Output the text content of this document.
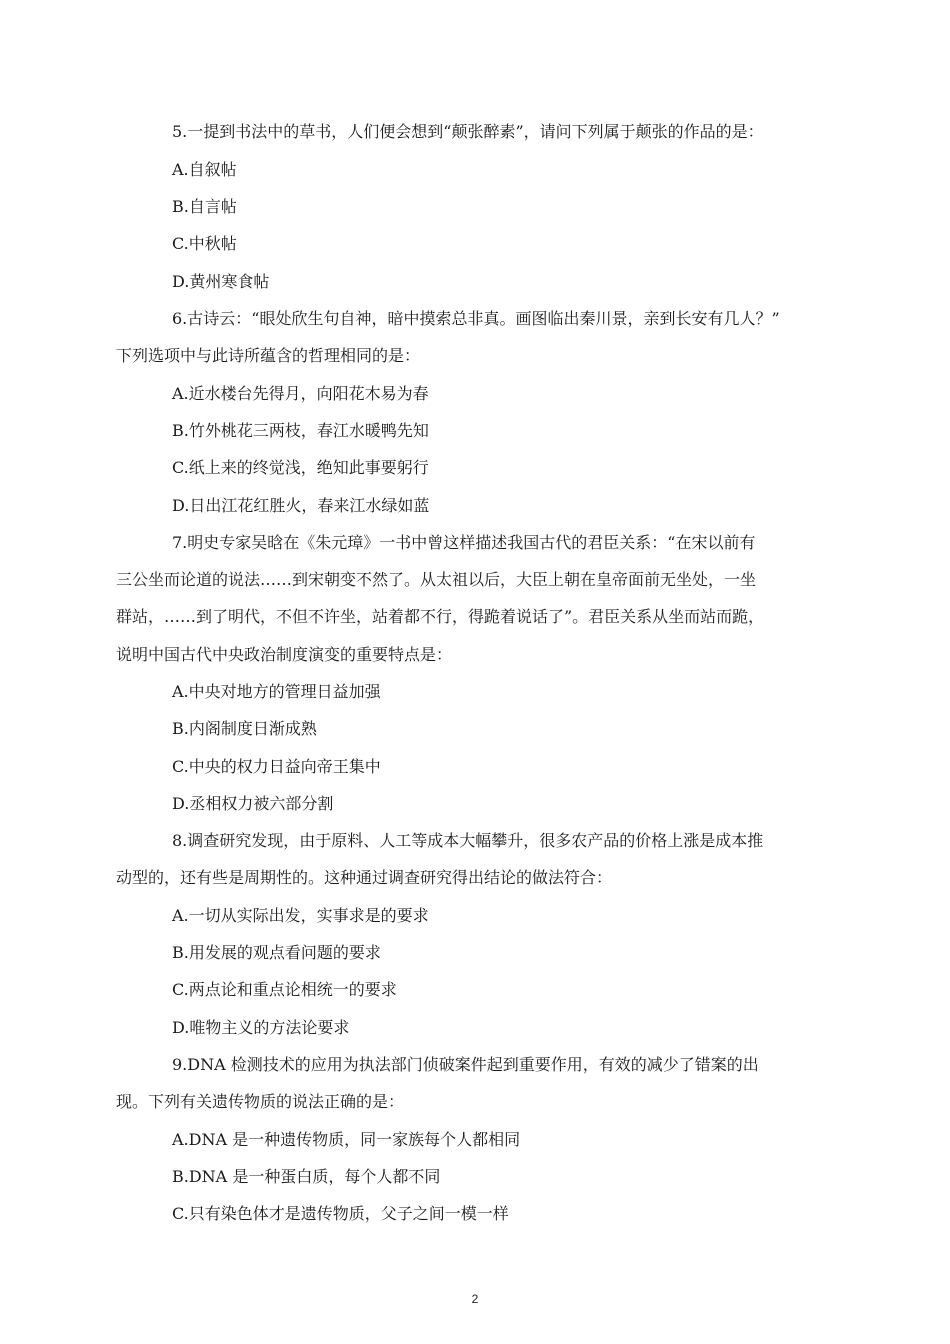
5.一提到书法中的草书，人们便会想到“颠张醉素”，请问下列属于颠张的作品的是：
A.自叙帖
B.自言帖
C.中秋帖
D.黄州寒食帖
6.古诗云：“眼处欣生句自神，暗中摸索总非真。画图临出秦川景，亲到长安有几人？”
下列选项中与此诗所蕴含的哲理相同的是：
A.近水楼台先得月，向阳花木易为春
B.竹外桃花三两枝，春江水暖鸭先知
C.纸上来的终觉浅，绝知此事要躬行
D.日出江花红胜火，春来江水绿如蓝
7.明史专家吴晗在《朱元璋》一书中曾这样描述我国古代的君臣关系：“在宋以前有
三公坐而论道的说法……到宋朝变不然了。从太祖以后，大臣上朝在皇帝面前无坐处，一坐
群站，……到了明代，不但不许坐，站着都不行，得跪着说话了”。君臣关系从坐而站而跪，
说明中国古代中央政治制度演变的重要特点是：
A.中央对地方的管理日益加强
B.内阁制度日渐成熟
C.中央的权力日益向帝王集中
D.丞相权力被六部分割
8.调查研究发现，由于原料、人工等成本大幅攀升，很多农产品的价格上涨是成本推
动型的，还有些是周期性的。这种通过调查研究得出结论的做法符合：
A.一切从实际出发，实事求是的要求
B.用发展的观点看问题的要求
C.两点论和重点论相统一的要求
D.唯物主义的方法论要求
9.DNA 检测技术的应用为执法部门侦破案件起到重要作用，有效的减少了错案的出
现。下列有关遗传物质的说法正确的是：
A.DNA 是一种遗传物质，同一家族每个人都相同
B.DNA 是一种蛋白质，每个人都不同
C.只有染色体才是遗传物质，父子之间一模一样
2
